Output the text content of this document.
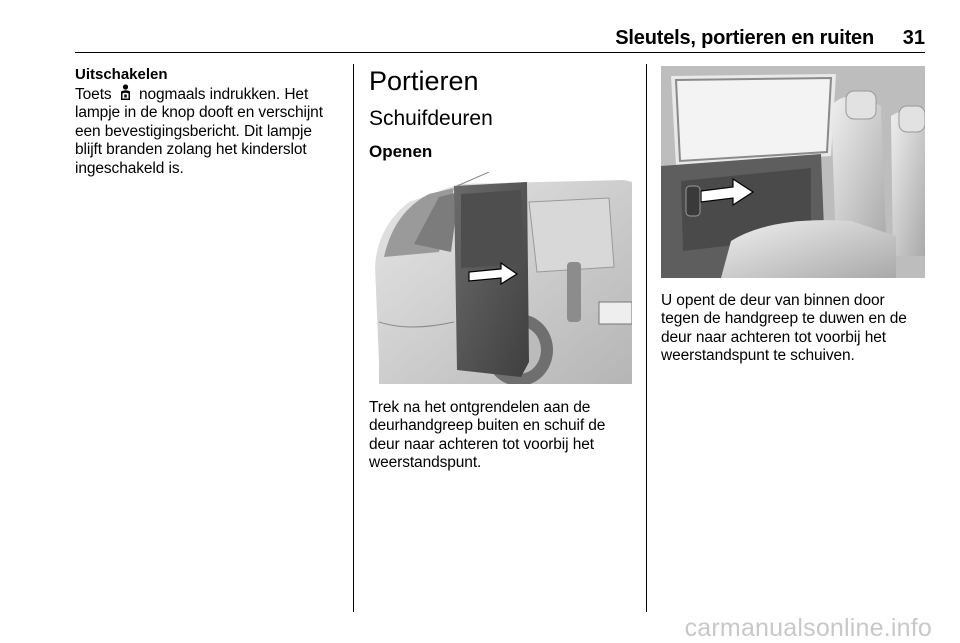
Sleutels, portieren en ruiten 31
Uitschakelen
Toets nogmaals indrukken. Het lampje in de knop dooft en verschijnt een bevestigingsbericht. Dit lampje blijft branden zolang het kinderslot ingeschakeld is.
Portieren
Schuifdeuren
Openen
Trek na het ontgrendelen aan de deurhandgreep buiten en schuif de deur naar achteren tot voorbij het weerstandspunt.
U opent de deur van binnen door tegen de handgreep te duwen en de deur naar achteren tot voorbij het weerstandspunt te schuiven.
carmanualsonline.info
